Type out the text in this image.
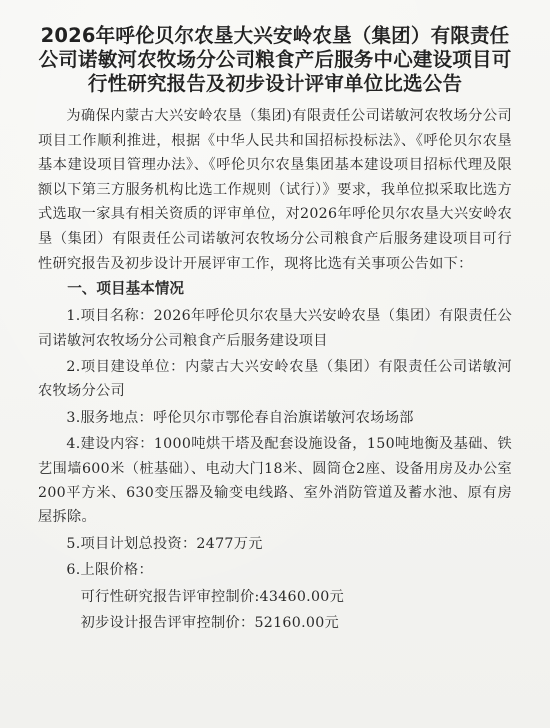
2026年呼伦贝尔农垦大兴安岭农垦（集团）有限责任公司诺敏河农牧场分公司粮食产后服务中心建设项目可行性研究报告及初步设计评审单位比选公告

为确保内蒙古大兴安岭农垦（集团)有限责任公司诺敏河农牧场分公司项目工作顺利推进，根据《中华人民共和国招标投标法》、《呼伦贝尔农垦基本建设项目管理办法》、《呼伦贝尔农垦集团基本建设项目招标代理及限额以下第三方服务机构比选工作规则（试行）》要求，我单位拟采取比选方式选取一家具有相关资质的评审单位，对2026年呼伦贝尔农垦大兴安岭农垦（集团）有限责任公司诺敏河农牧场分公司粮食产后服务建设项目可行性研究报告及初步设计开展评审工作，现将比选有关事项公告如下：

一、项目基本情况

1.项目名称：2026年呼伦贝尔农垦大兴安岭农垦（集团）有限责任公司诺敏河农牧场分公司粮食产后服务建设项目

2.项目建设单位：内蒙古大兴安岭农垦（集团）有限责任公司诺敏河农牧场分公司

3.服务地点：呼伦贝尔市鄂伦春自治旗诺敏河农场场部

4.建设内容：1000吨烘干塔及配套设施设备，150吨地衡及基础、铁艺围墙600米（桩基础）、电动大门18米、圆筒仓2座、设备用房及办公室200平方米、630变压器及输变电线路、室外消防管道及蓄水池、原有房屋拆除。

5.项目计划总投资：2477万元

6.上限价格：

可行性研究报告评审控制价:43460.00元

初步设计报告评审控制价：52160.00元
